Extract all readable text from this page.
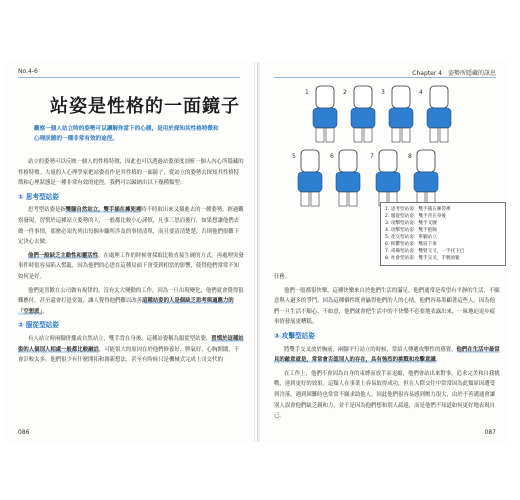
No.4-6
站姿是性格的一面鏡子
觀察一個人站立時的姿勢可以讓解你當下的心態，是用於探知其性格特徵和心理狀態的一種非常有效的途徑。

站立的姿勢可以反映一個人的性格特徵，因此也可以透過站姿深度剖析一個人內心所隱藏的性格特徵。大量的人心理學家把站姿看作是其性格的一面鏡子，從站立的姿勢去探知其性格特徵和心理狀態是一種非常有效的途徑。我們可以歸納出以下幾種類型：

① 思考型站姿

思考型站姿是指雙腳自然站立，雙手插在褲兜裡時不時取出來又插進去的一種姿勢。經過觀察發現，習慣於這種站立姿勢的人，一般都比較小心謹慎，凡事三思而後行，如果想讓他們去做一件事情，那麼必須先列出每個步驟所涉及的事情清單，而且要清清楚楚，否則他們很難下定決心去做。

他們一般缺乏主動性和靈活性，在處理工作的時候會採取比較直接生硬的方式。再處理突發事件時很容易陷入慌亂，因為他們的心思在這種局面下會受到相當的影響，使得他們常常不知如何是好。

他們更喜歡在公司做有規律的、沒有太大變動的工作，因為一旦出現變化，他們就會覺得很難應付，甚至還會打退堂鼓，讓人覺得他們難以改善這種站姿的人是個缺乏思考與適應力的「空想派」。

② 服從型站姿

有人站立時兩腳併攏或自然站立，雙手背在身後，這種站姿稱為服從型站姿，習慣於這種站姿的人個別人相處一般都比較融洽，可能很大的原因在於他們修養好、脾氣好、心胸開闊，不會計較太多。他們很少有什麼開拓和創新想法，甚至有時候只是機械式完成上司交代的

086
Chapter 4　姿勢所隱藏的訊息
1	2	3	4
5	6	7	8
1. 思考型站姿：雙手插在褲袋裡
2. 服從型站姿：雙手背在身後
3. 攻擊型站姿：雙手叉腰
4. 攻擊型站姿：雙手抱胸
5. 社交型站姿：單腳站立
6. 抑鬱型站姿：雙肩下垂
7. 戒備型站姿：雙臂交叉，一手托下巴
8. 社會型站姿：雙手交叉，手腕放鬆

任務。

他們一般都很快樂，這種快樂來自於他們生活的滿足，他們通常是希望有平靜的生活，不願意與人過多的爭鬥，因為這種個性既會贏得他們的人的心情，他們容易墨顧著這些人，因為他們一旦生活不順心、不如意，他們就會把生活中的不快樂不必要地表露出來，一昧地迫退步疲事情發展更糟糕。

③ 攻擊型站姿

將雙手交叉放於胸前，兩腳平行站立的時候，常給人傳遞攻擊性的感覺，他們在生活中最常見的敵意就是，常常會否認別人的存在，具有強烈的挑戰和攻擊意識。

在工作上，他們不會因為自身的束縛而放手而退縮，他們會站出來對事，追求完美和自我挑戰，達到更好的效果。這類人在事業上容易取得成功，但在人際交往中常常因為此類原因遭受到冷落，遇到困難時也常常不願求助他人，因此他們很容易感到壓力很大，由於不善溝通會讓別人誤會他們缺乏親和力，並不是因為他們想和別人疏遠，而是他們不知道如何更好地表現自己。

087
